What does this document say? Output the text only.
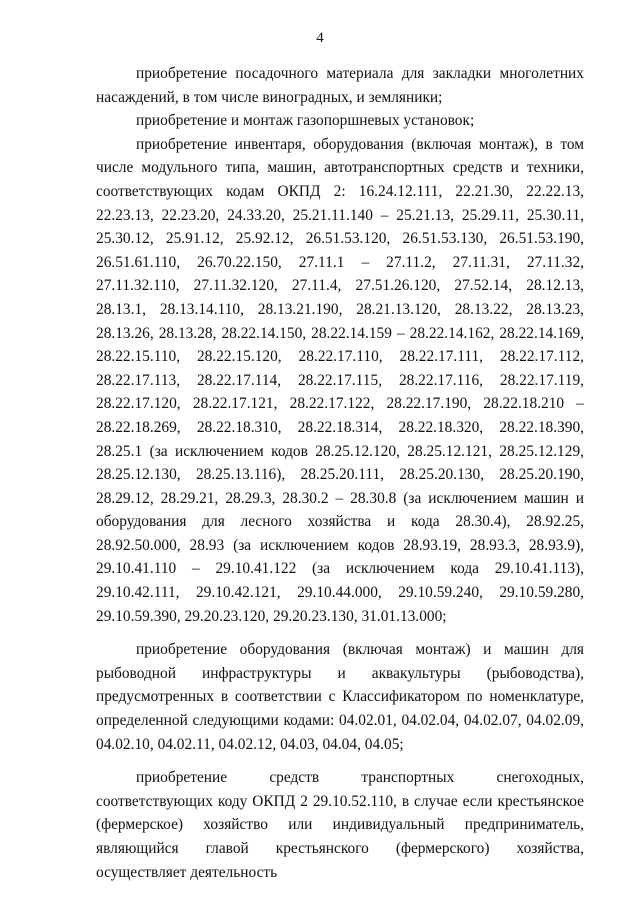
4

приобретение посадочного материала для закладки многолетних насаждений, в том числе виноградных, и земляники;

приобретение и монтаж газопоршневых установок;

приобретение инвентаря, оборудования (включая монтаж), в том числе модульного типа, машин, автотранспортных средств и техники, соответствующих кодам ОКПД 2: 16.24.12.111, 22.21.30, 22.22.13, 22.23.13, 22.23.20, 24.33.20, 25.21.11.140 – 25.21.13, 25.29.11, 25.30.11, 25.30.12, 25.91.12, 25.92.12, 26.51.53.120, 26.51.53.130, 26.51.53.190, 26.51.61.110, 26.70.22.150, 27.11.1 – 27.11.2, 27.11.31, 27.11.32, 27.11.32.110, 27.11.32.120, 27.11.4, 27.51.26.120, 27.52.14, 28.12.13, 28.13.1, 28.13.14.110, 28.13.21.190, 28.21.13.120, 28.13.22, 28.13.23, 28.13.26, 28.13.28, 28.22.14.150, 28.22.14.159 – 28.22.14.162, 28.22.14.169, 28.22.15.110, 28.22.15.120, 28.22.17.110, 28.22.17.111, 28.22.17.112, 28.22.17.113, 28.22.17.114, 28.22.17.115, 28.22.17.116, 28.22.17.119, 28.22.17.120, 28.22.17.121, 28.22.17.122, 28.22.17.190, 28.22.18.210 – 28.22.18.269, 28.22.18.310, 28.22.18.314, 28.22.18.320, 28.22.18.390, 28.25.1 (за исключением кодов 28.25.12.120, 28.25.12.121, 28.25.12.129, 28.25.12.130, 28.25.13.116), 28.25.20.111, 28.25.20.130, 28.25.20.190, 28.29.12, 28.29.21, 28.29.3, 28.30.2 – 28.30.8 (за исключением машин и оборудования для лесного хозяйства и кода 28.30.4), 28.92.25, 28.92.50.000, 28.93 (за исключением кодов 28.93.19, 28.93.3, 28.93.9), 29.10.41.110 – 29.10.41.122 (за исключением кода 29.10.41.113), 29.10.42.111, 29.10.42.121, 29.10.44.000, 29.10.59.240, 29.10.59.280, 29.10.59.390, 29.20.23.120, 29.20.23.130, 31.01.13.000;

приобретение оборудования (включая монтаж) и машин для рыбоводной инфраструктуры и аквакультуры (рыбоводства), предусмотренных в соответствии с Классификатором по номенклатуре, определенной следующими кодами: 04.02.01, 04.02.04, 04.02.07, 04.02.09, 04.02.10, 04.02.11, 04.02.12, 04.03, 04.04, 04.05;

приобретение средств транспортных снегоходных, соответствующих коду ОКПД 2 29.10.52.110, в случае если крестьянское (фермерское) хозяйство или индивидуальный предприниматель, являющийся главой крестьянского (фермерского) хозяйства, осуществляет деятельность
